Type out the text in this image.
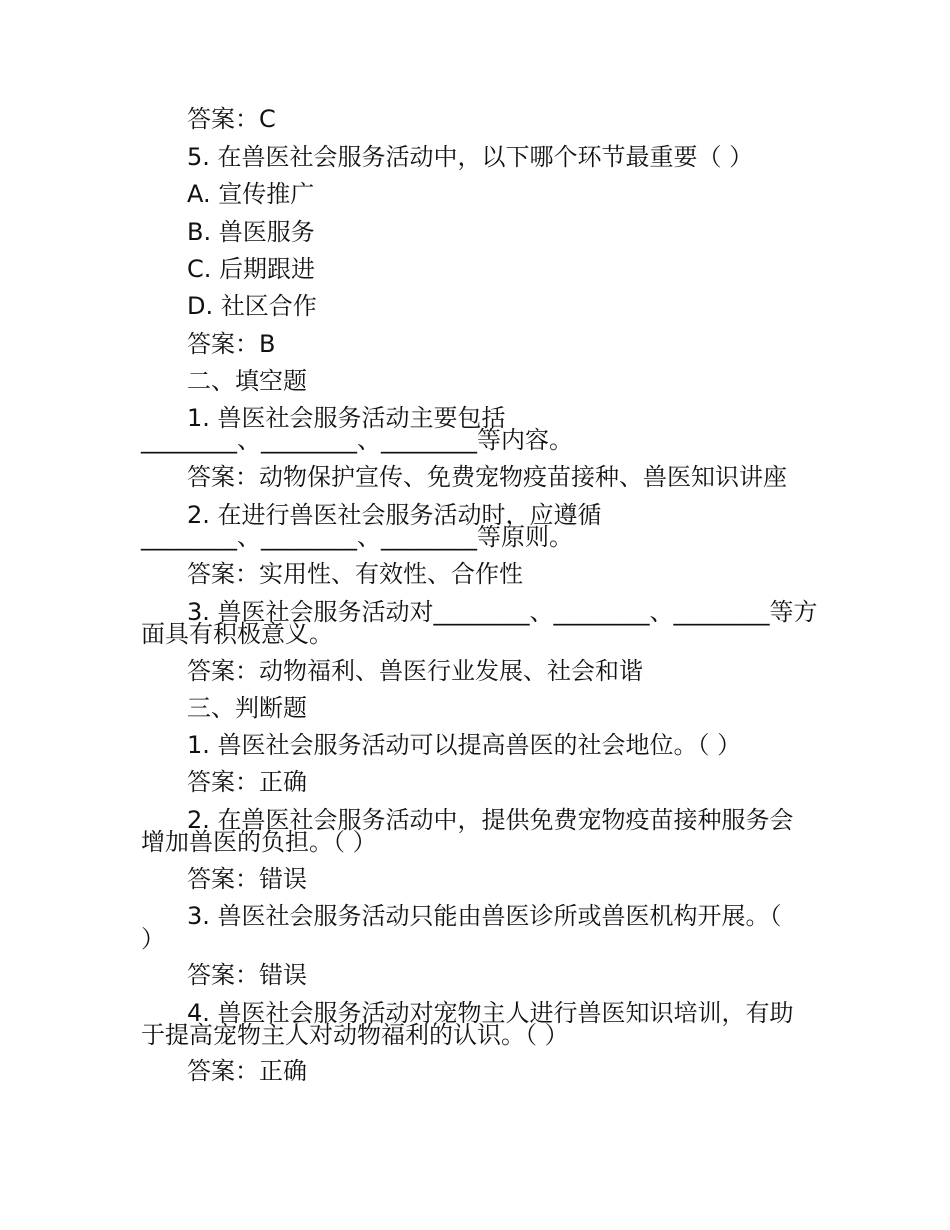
答案：C
5. 在兽医社会服务活动中，以下哪个环节最重要（ ）
A. 宣传推广
B. 兽医服务
C. 后期跟进
D. 社区合作
答案：B
二、填空题
1. 兽医社会服务活动主要包括
________、________、________等内容。
答案：动物保护宣传、免费宠物疫苗接种、兽医知识讲座
2. 在进行兽医社会服务活动时，应遵循
________、________、________等原则。
答案：实用性、有效性、合作性
3. 兽医社会服务活动对________、________、________等方
面具有积极意义。
答案：动物福利、兽医行业发展、社会和谐
三、判断题
1. 兽医社会服务活动可以提高兽医的社会地位。（ ）
答案：正确
2. 在兽医社会服务活动中，提供免费宠物疫苗接种服务会
增加兽医的负担。（ ）
答案：错误
3. 兽医社会服务活动只能由兽医诊所或兽医机构开展。（
）
答案：错误
4. 兽医社会服务活动对宠物主人进行兽医知识培训，有助
于提高宠物主人对动物福利的认识。（ ）
答案：正确
